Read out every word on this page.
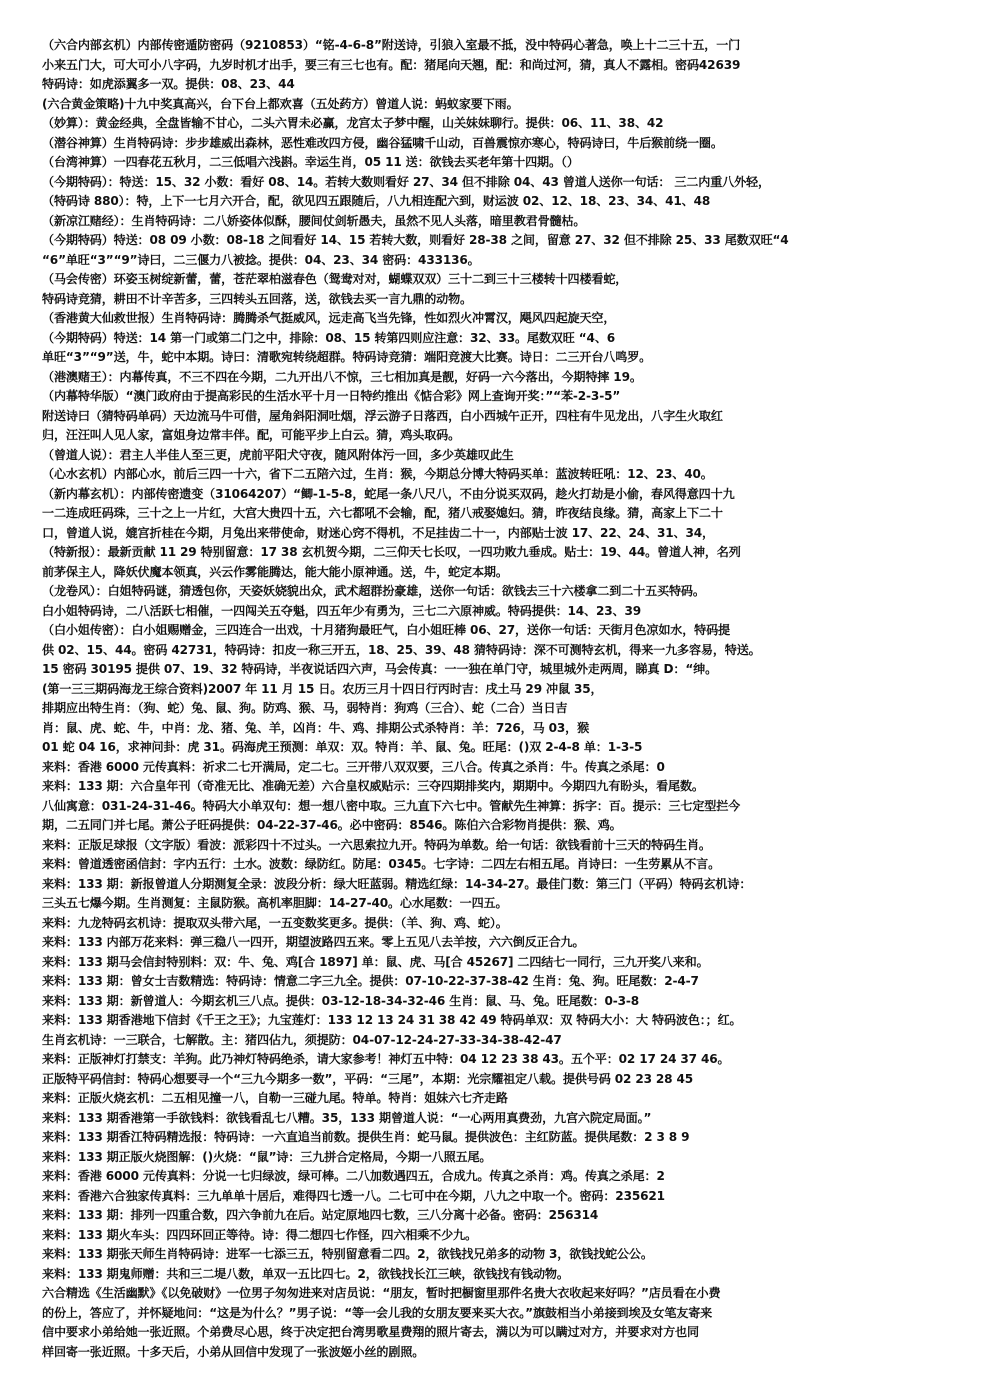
（六合内部玄机）内部传密遁防密码（9210853）“铭-4-6-8”附送诗，引狼入室最不抵，没中特码心著急，唤上十二三十五，一门
小来五门大，可大可小八字码，九岁时机才出手，要三有三七也有。配：猪尾向天翘，配：和尚过河，猜，真人不露相。密码42639
特码诗：如虎添翼多一双。提供：08、23、44
(六合黄金策略)十九中奖真高兴，台下台上都欢喜（五处药方）曾道人说：蚂蚁家要下雨。
（妙算）：黄金经典，全盘皆输不甘心，二头六胃未必赢，龙宫太子梦中醒，山关妹妹聊行。提供：06、11、38、42
（潜谷神算）生肖特码诗：步步雄威出森林，恶性难改四方侵，幽谷猛啸千山动，百兽震惊亦寒心，特码诗曰，牛后猴前绕一圈。
（台湾神算）一四春花五秋月，二三低唱六浅斟。幸运生肖，05 11 送：欲钱去买老年第十四期。（）
（今期特码）：特送：15、32 小数：看好 08、14。若转大数则看好 27、34 但不排除 04、43 曾道人送你一句话： 三二内重八外轻，
（特码诗 880）：特，上下一七月六开合，配，欲见四五跟随后，八九相连配六到，财运波 02、12、18、23、34、41、48
（新凉江赌经）：生肖特码诗：二八娇姿体似酥，腰间仗剑斩愚夫，虽然不见人头落，暗里教君骨髓枯。
（今期特码）特送：08 09 小数：08-18 之间看好 14、15 若转大数，则看好 28-38 之间，留意 27、32 但不排除 25、33 尾数双旺“4
“6”单旺“3”“9”诗曰，二三偃力八被捻。提供：04、23、34 密码：433136。
（马会传密）环姿玉树绽新蕾，蕾，苍茫翠柏滋春色（鸳鸯对对，蝴蝶双双）三十二到三十三楼转十四楼看蛇，
特码诗竞猜，耕田不计辛苦多，三四转头五回落，送，欲钱去买一言九鼎的动物。
（香港黄大仙救世报）生肖特码诗：腾腾杀气挺威风，远走高飞当先锋，性如烈火冲霄汉，飓风四起旋天空，
（今期特码）特送：14 第一门或第二门之中，排除：08、15 转第四则应注意：32、33。尾数双旺 “4、6
单旺“3”“9”送，牛，蛇中本期。诗曰：清歌宛转绕超群。特码诗竞猜：端阳竞渡大比赛。诗日：二三开台八鸣罗。
（港澳赌王）：内幕传真，不三不四在今期，二九开出八不惊，三七相加真是靓，好码一六今落出，今期特摔 19。
（内幕特华版）“澳门政府由于提高彩民的生活水平十月一日特约推出《惦合彩》网上查询开奖：”“苯-2-3-5”
附送诗曰（猜特码单码）天边流马牛可借，屋角斜阳洞吐烟，浮云游子日落西，白小西城午正开，四柱有牛见龙出，八字生火取红
归，汪汪叫人见人家，富姐身边常丰伴。配，可能平步上白云。猜，鸡头取码。
（曾道人说）：君主人半佳人至三更，虎前平阳犬守夜，随风附体污一回，多少英雄叹此生
（心水玄机）内部心水，前后三四一十六，省下二五陪六过，生肖：猴，今期总分博大特码买单：蓝波转旺吼：12、23、40。
（新内幕玄机）：内部传密遗变（31064207）“鲫-1-5-8，蛇尾一条八尺八，不由分说买双码，趁火打劫是小偷，春风得意四十九
一二连成旺码珠，三十之上一片红，大宫大贵四十五，六七都吼不会输，配，猪八戒娶媳妇。猜，昨夜结良缘。猜，高家上下二十
口，曾道人说，媲宫折桂在今期，月兔出来带使命，财迷心窍不得机，不足挂齿二十一，内部贴士波 17、22、24、31、34，
（特新报）：最新贡献 11 29 特别留意：17 38 玄机贺今期，二三仰天七长叹，一四功败九垂成。贴士：19、44。曾道人神，名列
前茅保主人，降妖伏魔本领真，兴云作雾能腾达，能大能小原神通。送，牛，蛇定本期。
（龙卷风）：白姐特码谜，猜透包你，天姿妖娆貌出众，武术超群扮豪雄，送你一句话：欲钱去三十六楼拿二到二十五买特码。
白小姐特码诗，二八活跃七相催，一四闯关五夺魁，四五年少有勇为，三七二六原神威。特码提供：14、23、39
（白小姐传密）：白小姐赐赠金，三四连合一出戏，十月猪狗最旺气，白小姐旺棒 06、27，送你一句话：天街月色凉如水，特码提
供 02、15、44。密码 42731，特码诗：扣皮一称三开五，18、25、39、48 猜特码诗：深不可测特玄机，得来一九多容易，特送。
15 密码 30195 提供 07、19、32 特码诗，半夜说话四六声，马会传真：一一独在单门守，城里城外走两周，睇真 D：“绅。
(第一三三期码海龙王综合资料)2007 年 11 月 15 日。农历三月十四日行丙时吉：戌土马 29 冲鼠 35，
排期应出特生肖：（狗、蛇）兔、鼠、狗。防鸡、猴、马，弱特肖：狗鸡（三合）、蛇（二合）当日吉
肖：鼠、虎、蛇、牛，中肖：龙、猪、兔、羊，凶肖：牛、鸡、排期公式杀特肖：羊：726，马 03，猴
01 蛇 04 16，求神问卦：虎 31。码海虎王预测：单双：双。特肖：羊、鼠、兔。旺尾：()双 2-4-8 单：1-3-5
来料：香港 6000 元传真料：祈求二七开满局，定二七。三开带八双双要，三八合。传真之杀肖：牛。传真之杀尾：0
来料：133 期：六合皇年刊（奇准无比、准确无差）六合皇权威贴示：三夺四期排奖内，期期中。今期四九有盼头，看尾数。
八仙寓意：031-24-31-46。特码大小单双句：想一想八密中取。三九直下六七中。管献先生神算：拆字：百。提示：三七定型拦今
期，二五同门并七尾。萧公子旺码提供：04-22-37-46。必中密码：8546。陈伯六合彩物肖提供：猴、鸡。
来料：正版足球报（文字版）看波：派彩四十不过头。一六思索拉九开。特码为单数。给一句话：欲钱看前十三天的特码生肖。
来料：曾道透密函信封：字内五行：土水。波数：绿防红。防尾：0345。七字诗：二四左右相五尾。肖诗曰：一生劳累从不言。
来料：133 期：新报曾道人分期测复全录：波段分析：绿大旺蓝弱。精选红绿：14-34-27。最佳门数：第三门（平码）特码玄机诗：
三头五七爆今期。生肖测复：主鼠防猴。高机率胆脚：14-27-40。心水尾数：一四五。
来料：九龙特码玄机诗：提取双头带六尾，一五变数奖更多。提供：（羊、狗、鸡、蛇）。
来料：133 内部万花来料：弹三稳八一四开，期望波路四五来。零上五见八去羊按，六六倒反正合九。
来料：133 期马会信封特别料：双：牛、兔、鸡[合 1897] 单：鼠、虎、马[合 45267] 二四结七一同行，三九开奖八来和。
来料：133 期：曾女士吉数精选：特码诗：情意二字三九全。提供：07-10-22-37-38-42 生肖：兔、狗。旺尾数：2-4-7
来料：133 期：新曾道人：今期玄机三八点。提供：03-12-18-34-32-46 生肖：鼠、马、兔。旺尾数：0-3-8
来料：133 期香港地下信封《千王之王》；九宝莲灯：133 12 13 24 31 38 42 49 特码单双：双 特码大小：大 特码波色：；红。
生肖玄机诗：一三联合，七解散。主：猪四佔九，须提防：04-07-12-24-27-33-34-38-42-47
来料：正版神灯打禁支：羊狗。此乃神灯特码绝杀，请大家参考！神灯五中特：04 12 23 38 43。五个平：02 17 24 37 46。
正版特平码信封：特码心想要寻一个“三九今期多一数”，平码：“三尾”，本期：光宗耀祖定八载。提供号码 02 23 28 45
来料：正版火烧玄机：二五相见撞一八，自勒一三碰九尾。特单。特肖：姐妹六七齐走路
来料：133 期香港第一手欲钱料：欲钱看乱七八糟。35，133 期曾道人说：“一心两用真费劲，九宫六院定局面。”
来料：133 期香江特码精选报：特码诗：一六直追当前数。提供生肖：蛇马鼠。提供波色：主红防蓝。提供尾数：2 3 8 9
来料：133 期正版火烧图解：()火烧：“鼠”诗：三九拼合定格局，今期一八照五尾。
来料：香港 6000 元传真料：分说一七归绿波，绿可棒。二八加数遇四五，合成九。传真之杀肖：鸡。传真之杀尾：2
来料：香港六合独家传真料：三九单单十居后，难得四七透一八。二七可中在今期，八九之中取一个。密码：235621
来料：133 期：排列一四重合数，四六争前九在后。站定原地四七数，三八分离十必备。密码：256314
来料：133 期火车头：四四环回正等待。诗：得二想四七作怪，四六相乘不少九。
来料：133 期张天师生肖特码诗：进军一七添三五，特别留意看二四。2，欲钱找兄弟多的动物 3，欲钱找蛇公公。
来料：133 期鬼师赠：共和三二堤八数，单双一五比四七。2，欲钱找长江三峡，欲钱找有钱动物。
六合精选《生活幽默》《以免破财》一位男子匆匆进来对店员说：“朋友，暂时把橱窗里那件名贵大衣收起来好吗？”店员看在小费
的份上，答应了，并怀疑地问：“这是为什么？”男子说：“等一会儿我的女朋友要来买大衣。”旗鼓相当小弟接到埃及女笔友寄来
信中要求小弟给她一张近照。个弟费尽心思，终于决定把台湾男歌星费翔的照片寄去，满以为可以瞒过对方，并要求对方也同
样回寄一张近照。十多天后，小弟从回信中发现了一张波姬小丝的剧照。
